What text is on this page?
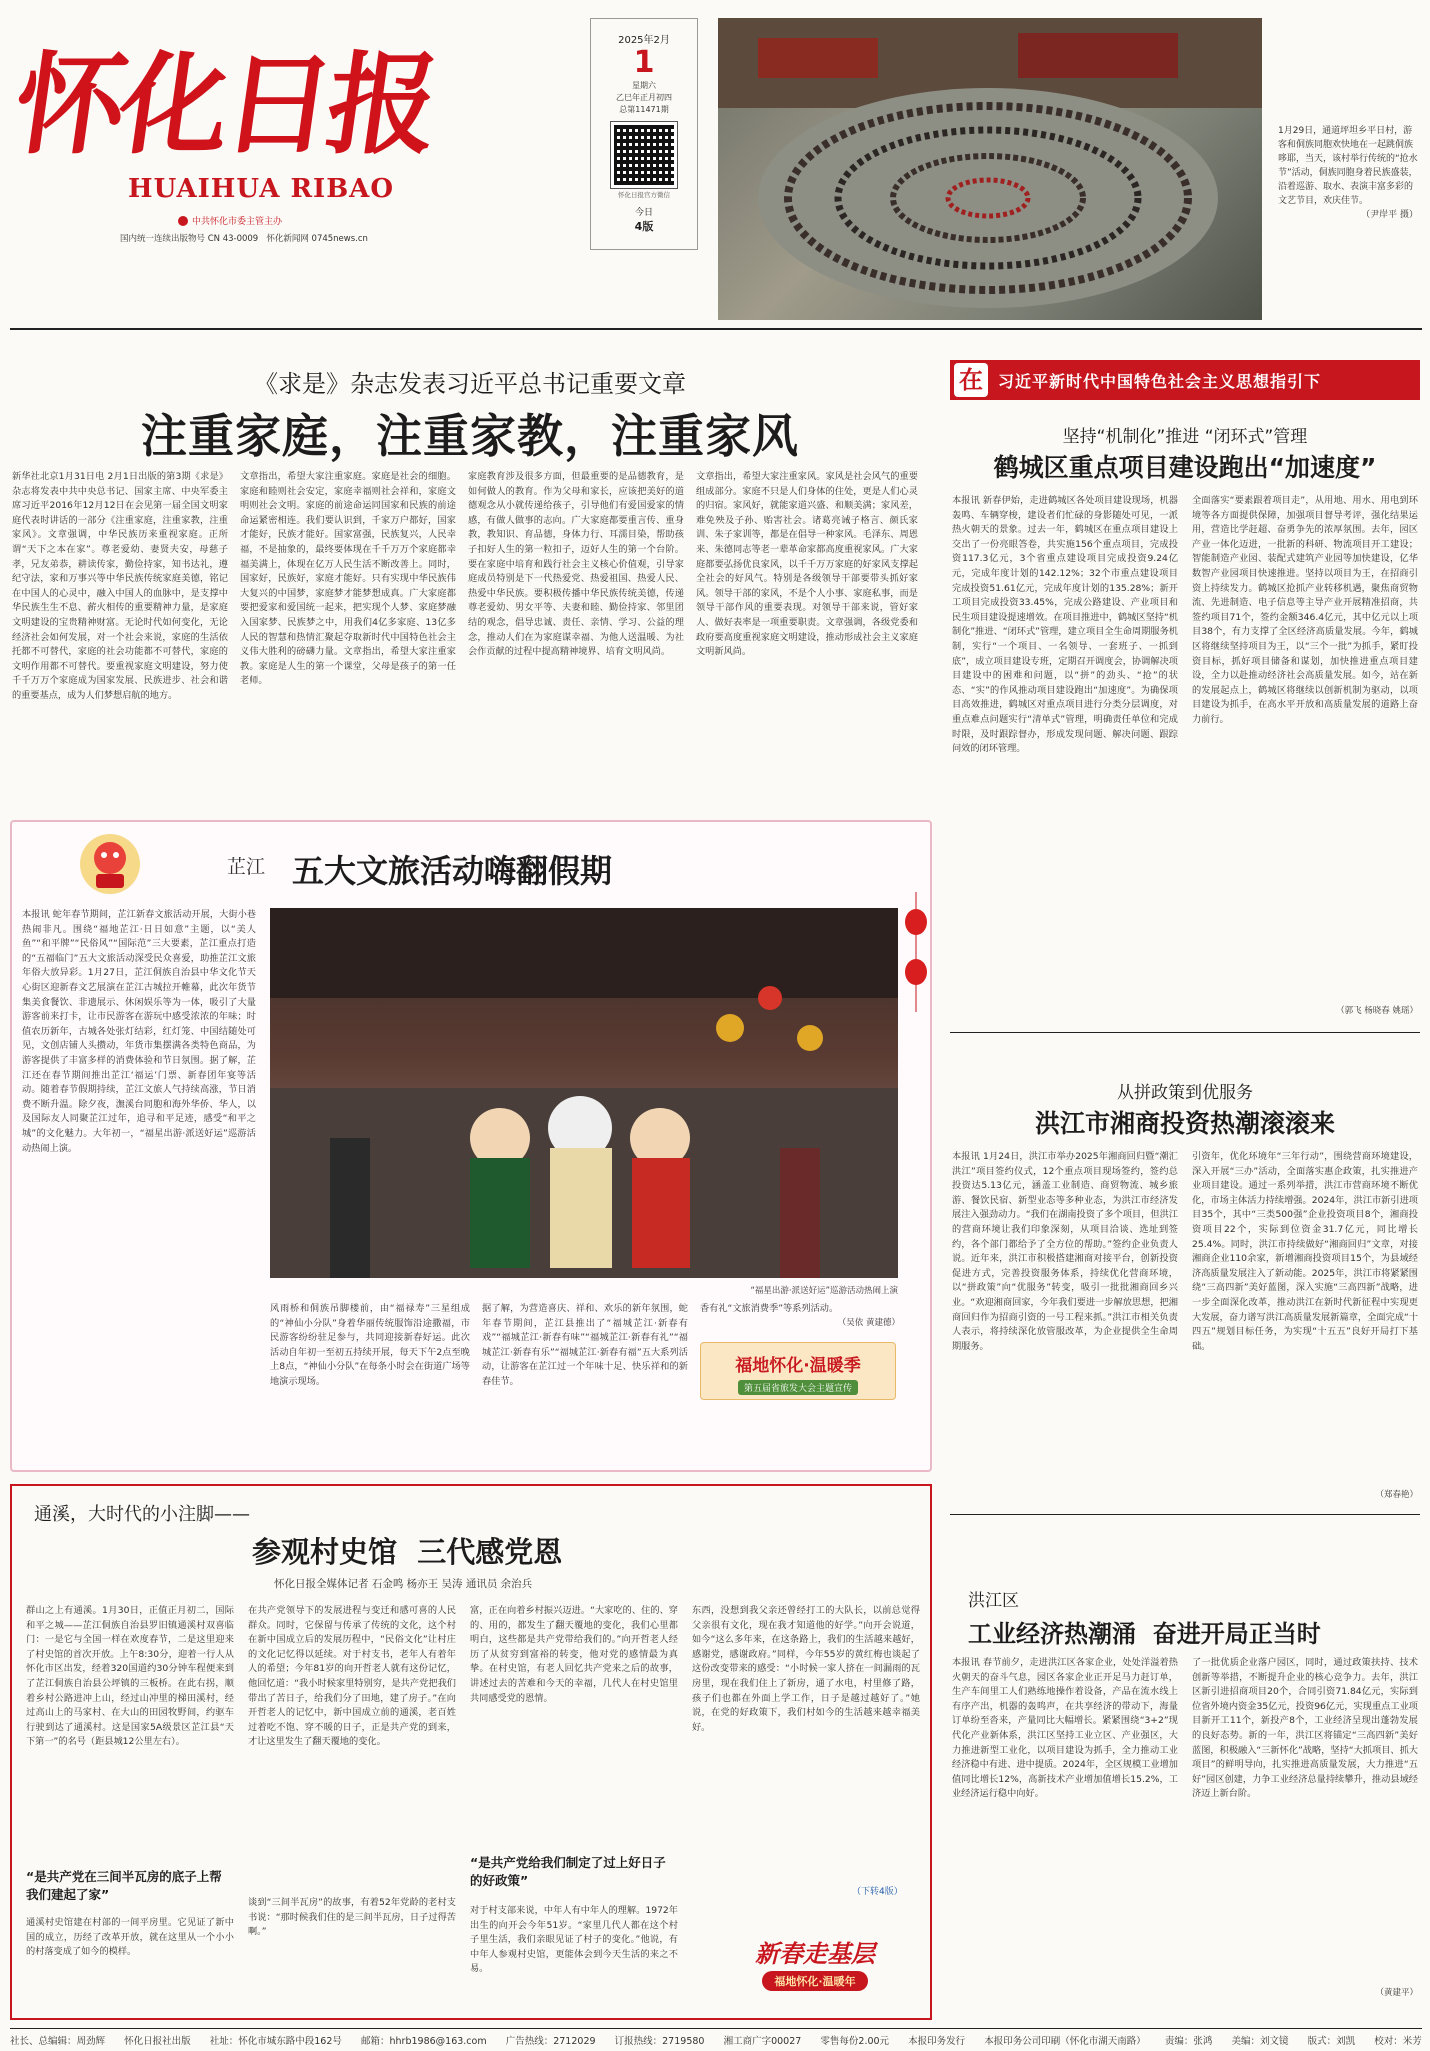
怀化日报
HUAIHUA RIBAO
中共怀化市委主管主办
国内统一连续出版物号 CN 43-0009 怀化新闻网 0745news.cn
2025年2月
1
星期六
乙巳年正月初四
总第11471期
怀化日报官方微信
今日
4版
1月29日，通道坪坦乡平日村，游客和侗族同胞欢快地在一起跳侗族哆耶，当天，该村举行传统的“抢水节”活动，侗族同胞身着民族盛装，沿着巡游、取水、表演丰富多彩的文艺节目，欢庆佳节。
（尹岸平 摄）
《求是》杂志发表习近平总书记重要文章
注重家庭，注重家教，注重家风
新华社北京1月31日电 2月1日出版的第3期《求是》杂志将发表中共中央总书记、国家主席、中央军委主席习近平2016年12月12日在会见第一届全国文明家庭代表时讲话的一部分《注重家庭，注重家教，注重家风》。文章强调，中华民族历来重视家庭。正所谓“天下之本在家”。尊老爱幼、妻贤夫安，母慈子孝，兄友弟恭，耕读传家，勤俭持家，知书达礼，遵纪守法，家和万事兴等中华民族传统家庭美德，铭记在中国人的心灵中，融入中国人的血脉中，是支撑中华民族生生不息、薪火相传的重要精神力量，是家庭文明建设的宝贵精神财富。无论时代如何变化，无论经济社会如何发展，对一个社会来说，家庭的生活依托都不可替代，家庭的社会功能都不可替代，家庭的文明作用都不可替代。要重视家庭文明建设，努力使千千万万个家庭成为国家发展、民族进步、社会和谐的重要基点，成为人们梦想启航的地方。
文章指出，希望大家注重家庭。家庭是社会的细胞。家庭和睦则社会安定，家庭幸福则社会祥和，家庭文明则社会文明。家庭的前途命运同国家和民族的前途命运紧密相连。我们要认识到，千家万户都好，国家才能好，民族才能好。国家富强，民族复兴，人民幸福，不是抽象的，最终要体现在千千万万个家庭都幸福美满上，体现在亿万人民生活不断改善上。同时，国家好，民族好，家庭才能好。只有实现中华民族伟大复兴的中国梦，家庭梦才能梦想成真。广大家庭都要把爱家和爱国统一起来，把实现个人梦、家庭梦融入国家梦、民族梦之中，用我们4亿多家庭、13亿多人民的智慧和热情汇聚起夺取新时代中国特色社会主义伟大胜利的磅礴力量。文章指出，希望大家注重家教。家庭是人生的第一个课堂，父母是孩子的第一任老师。
家庭教育涉及很多方面，但最重要的是品德教育，是如何做人的教育。作为父母和家长，应该把美好的道德观念从小就传递给孩子，引导他们有爱国爱家的情感，有做人做事的志向。广大家庭都要重言传、重身教，教知识、育品德，身体力行、耳濡目染，帮助孩子扣好人生的第一粒扣子，迈好人生的第一个台阶。要在家庭中培育和践行社会主义核心价值观，引导家庭成员特别是下一代热爱党、热爱祖国、热爱人民、热爱中华民族。要积极传播中华民族传统美德，传递尊老爱幼、男女平等、夫妻和睦、勤俭持家、邻里团结的观念，倡导忠诚、责任、亲情、学习、公益的理念，推动人们在为家庭谋幸福、为他人送温暖、为社会作贡献的过程中提高精神境界、培育文明风尚。
文章指出，希望大家注重家风。家风是社会风气的重要组成部分。家庭不只是人们身体的住处，更是人们心灵的归宿。家风好，就能家道兴盛、和顺美满；家风差，难免殃及子孙、贻害社会。诸葛亮诫子格言、颜氏家训、朱子家训等，都是在倡导一种家风。毛泽东、周恩来、朱德同志等老一辈革命家都高度重视家风。广大家庭都要弘扬优良家风，以千千万万家庭的好家风支撑起全社会的好风气。特别是各级领导干部要带头抓好家风。领导干部的家风，不是个人小事、家庭私事，而是领导干部作风的重要表现。对领导干部来说，管好家人、做好表率是一项重要职责。文章强调，各级党委和政府要高度重视家庭文明建设，推动形成社会主义家庭文明新风尚。
在 习近平新时代中国特色社会主义思想指引下
坚持“机制化”推进 “闭环式”管理
鹤城区重点项目建设跑出“加速度”
本报讯 新春伊始，走进鹤城区各处项目建设现场，机器轰鸣、车辆穿梭，建设者们忙碌的身影随处可见，一派热火朝天的景象。过去一年，鹤城区在重点项目建设上交出了一份亮眼答卷，共实施156个重点项目，完成投资117.3亿元，3个省重点建设项目完成投资9.24亿元，完成年度计划的142.12%；32个市重点建设项目完成投资51.61亿元，完成年度计划的135.28%；新开工项目完成投资33.45%，完成公路建设、产业项目和民生项目建设提速增效。在项目推进中，鹤城区坚持“机制化”推进、“闭环式”管理，建立项目全生命周期服务机制，实行“一个项目、一名领导、一套班子、一抓到底”，成立项目建设专班，定期召开调度会，协调解决项目建设中的困难和问题，以“拼”的劲头、“抢”的状态、“实”的作风推动项目建设跑出“加速度”。为确保项目高效推进，鹤城区对重点项目进行分类分层调度，对重点难点问题实行“清单式”管理，明确责任单位和完成时限，及时跟踪督办，形成发现问题、解决问题、跟踪问效的闭环管理。
全面落实“要素跟着项目走”，从用地、用水、用电到环境等各方面提供保障，加强项目督导考评，强化结果运用，营造比学赶超、奋勇争先的浓厚氛围。去年，园区产业一体化迈进，一批新的科研、物流项目开工建设；智能制造产业园、装配式建筑产业园等加快建设，亿华数智产业园项目快速推进。坚持以项目为王，在招商引资上持续发力。鹤城区抢抓产业转移机遇，聚焦商贸物流、先进制造、电子信息等主导产业开展精准招商，共签约项目71个，签约金额346.4亿元，其中亿元以上项目38个，有力支撑了全区经济高质量发展。今年，鹤城区将继续坚持项目为王，以“三个一批”为抓手，紧盯投资目标，抓好项目储备和谋划，加快推进重点项目建设，全力以赴推动经济社会高质量发展。如今，站在新的发展起点上，鹤城区将继续以创新机制为驱动，以项目建设为抓手，在高水平开放和高质量发展的道路上奋力前行。
（郭飞 杨晓春 姚瑶）
从拼政策到优服务
洪江市湘商投资热潮滚滚来
本报讯 1月24日，洪江市举办2025年湘商回归暨“潮汇洪江”项目签约仪式，12个重点项目现场签约，签约总投资达5.13亿元，涵盖工业制造、商贸物流、城乡旅游、餐饮民宿、新型业态等多种业态，为洪江市经济发展注入强劲动力。“我们在湖南投资了多个项目，但洪江的营商环境让我们印象深刻，从项目洽谈、选址到签约，各个部门都给予了全方位的帮助。”签约企业负责人说。近年来，洪江市积极搭建湘商对接平台，创新投资促进方式，完善投资服务体系，持续优化营商环境，以“拼政策”向“优服务”转变，吸引一批批湘商回乡兴业。“欢迎湘商回家，今年我们要进一步解放思想，把湘商回归作为招商引资的一号工程来抓。”洪江市相关负责人表示，将持续深化放管服改革，为企业提供全生命周期服务。
引资年，优化环境年“三年行动”，围绕营商环境建设，深入开展“三办”活动，全面落实惠企政策，扎实推进产业项目建设。通过一系列举措，洪江市营商环境不断优化，市场主体活力持续增强。2024年，洪江市新引进项目35个，其中“三类500强”企业投资项目8个，湘商投资项目22个，实际到位资金31.7亿元，同比增长25.4%。同时，洪江市持续做好“湘商回归”文章，对接湘商企业110余家，新增湘商投资项目15个，为县域经济高质量发展注入了新动能。2025年，洪江市将紧紧围绕“三高四新”美好蓝图，深入实施“三高四新”战略，进一步全面深化改革，推动洪江在新时代新征程中实现更大发展，奋力谱写洪江高质量发展新篇章，全面完成“十四五”规划目标任务，为实现“十五五”良好开局打下基础。
（郑春艳）
洪江区
工业经济热潮涌  奋进开局正当时
本报讯 春节前夕，走进洪江区各家企业，处处洋溢着热火朝天的奋斗气息，园区各家企业正开足马力赶订单，生产车间里工人们熟练地操作着设备，产品在流水线上有序产出，机器的轰鸣声，在共享经济的带动下，海量订单纷至沓来，产量同比大幅增长。紧紧围绕“3+2”现代化产业新体系，洪江区坚持工业立区、产业强区，大力推进新型工业化，以项目建设为抓手，全力推动工业经济稳中有进、进中提质。2024年，全区规模工业增加值同比增长12%，高新技术产业增加值增长15.2%，工业经济运行稳中向好。
了一批优质企业落户园区，同时，通过政策扶持、技术创新等举措，不断提升企业的核心竞争力。去年，洪江区新引进招商项目20个，合同引资71.84亿元，实际到位省外境内资金35亿元，投资96亿元，实现重点工业项目新开工11个，新投产8个，工业经济呈现出蓬勃发展的良好态势。新的一年，洪江区将锚定“三高四新”美好蓝图，积极融入“三新怀化”战略，坚持“大抓项目、抓大项目”的鲜明导向，扎实推进高质量发展，大力推进“五好”园区创建，力争工业经济总量持续攀升，推动县域经济迈上新台阶。
（黄建平）
芷江 五大文旅活动嗨翻假期
本报讯 蛇年春节期间，芷江新春文旅活动开展，大街小巷热闹非凡。围绕“福地芷江·日日如意”主题，以“美人鱼”“和平牌”“民俗风”“国际范”三大要素，芷江重点打造的“五福临门”五大文旅活动深受民众喜爱，助推芷江文旅年俗大放异彩。1月27日，芷江侗族自治县中华文化节天心街区迎新春文艺展演在芷江古城拉开帷幕，此次年货节集美食餐饮、非遗展示、休闲娱乐等为一体，吸引了大量游客前来打卡，让市民游客在游玩中感受浓浓的年味；时值农历新年，古城各处张灯结彩，红灯笼、中国结随处可见，文创店铺人头攒动，年货市集摆满各类特色商品，为游客提供了丰富多样的消费体验和节日氛围。据了解，芷江还在春节期间推出芷江‘福运’门票、新春团年宴等活动。随着春节假期持续，芷江文旅人气持续高涨，节日消费不断升温。除夕夜，潕溪台同胞和海外华侨、华人，以及国际友人同聚芷江过年，追寻和平足迹，感受“和平之城”的文化魅力。大年初一，“福星出游·派送好运”巡游活动热闹上演。
“福星出游·派送好运”巡游活动热闹上演
风雨桥和侗族吊脚楼前，由“福禄寿”三星组成的“神仙小分队”身着华丽传统服饰沿途撒福，市民游客纷纷驻足参与，共同迎接新春好运。此次活动自年初一至初五持续开展，每天下午2点至晚上8点，“神仙小分队”在每条小时会在街道广场等地演示现场。
据了解，为营造喜庆、祥和、欢乐的新年氛围，蛇年春节期间，芷江县推出了“福城芷江·新春有戏”“福城芷江·新春有味”“福城芷江·新春有礼”“福城芷江·新春有乐”“福城芷江·新春有福”五大系列活动，让游客在芷江过一个年味十足、快乐祥和的新春佳节。
香有礼“文旅消费季”等系列活动。
（吴依 黄建德）
福地怀化·温暖季
第五届省旅发大会主题宣传
通溪，大时代的小注脚——
参观村史馆  三代感党恩
怀化日报全媒体记者 石金鸣 杨亦王 吴涛 通讯员 余治兵
群山之上有通溪。1月30日，正值正月初二，国际和平之城——芷江侗族自治县罗旧镇通溪村双喜临门：一是它与全国一样在欢度春节，二是这里迎来了村史馆的首次开放。上午8:30分，迎着一行人从怀化市区出发，经着320国道约30分钟车程便来到了芷江侗族自治县公坪镇的三板桥。在此右拐，顺着乡村公路进冲上山，经过山冲里的梯田溪村，经过高山上的马家村、在大山的田园牧野间，约驱车行驶到达了通溪村。这是国家5A级景区芷江县“天下第一”的名号（距县城12公里左右）。
“是共产党在三间半瓦房的底子上帮我们建起了家”
通溪村史馆建在村部的一间平房里。它见证了新中国的成立，历经了改革开放，就在这里从一个小小的村落变成了如今的模样。
在共产党领导下的发展进程与变迁和感可喜的人民群众。同时，它保留与传承了传统的文化，这个村在新中国成立后的发展历程中，“民俗文化”让村庄的文化记忆得以延续。对于村支书，老年人有着年人的希望；今年81岁的向开哲老人就有这份记忆，他回忆道：“我小时候家里特别穷，是共产党把我们带出了苦日子，给我们分了田地，建了房子。”在向开哲老人的记忆中，新中国成立前的通溪，老百姓过着吃不饱、穿不暖的日子，正是共产党的到来，才让这里发生了翻天覆地的变化。
谈到“三间半瓦房”的故事，有着52年党龄的老村支书说：“那时候我们住的是三间半瓦房，日子过得苦啊。”
富，正在向着乡村振兴迈进。“大家吃的、住的、穿的、用的，都发生了翻天覆地的变化，我们心里都明白，这些都是共产党带给我们的。”向开哲老人经历了从贫穷到富裕的转变，他对党的感情最为真挚。在村史馆，有老人回忆共产党来之后的故事，讲述过去的苦难和今天的幸福，几代人在村史馆里共同感受党的恩情。
“是共产党给我们制定了过上好日子的好政策”
对于村支部来说，中年人有中年人的理解。1972年出生的向开会今年51岁。“家里几代人都在这个村子里生活，我们亲眼见证了村子的变化。”他说，有中年人参观村史馆，更能体会到今天生活的来之不易。
东西，没想到我父亲还曾经打工的大队长，以前总觉得父亲很有文化，现在我才知道他的好学。”向开会说道，如今“这么多年来，在这条路上，我们的生活越来越好，感谢党，感谢政府。”同样，今年55岁的黄红梅也谈起了这份改变带来的感受：“小时候一家人挤在一间漏雨的瓦房里，现在我们住上了新房，通了水电，村里修了路，孩子们也都在外面上学工作，日子是越过越好了。”她说，在党的好政策下，我们村如今的生活越来越幸福美好。
（下转4版）
新春走基层
福地怀化·温暖年
社长、总编辑：周劲辉 怀化日报社出版 社址：怀化市城东路中段162号 邮箱：hhrb1986@163.com 广告热线：2712029 订报热线：2719580 湘工商广字00027 零售每份2.00元 本报印务发行 本报印务公司印刷（怀化市湖天南路） 责编：张鸿 美编：刘文镜 版式：刘凯 校对：米芳
